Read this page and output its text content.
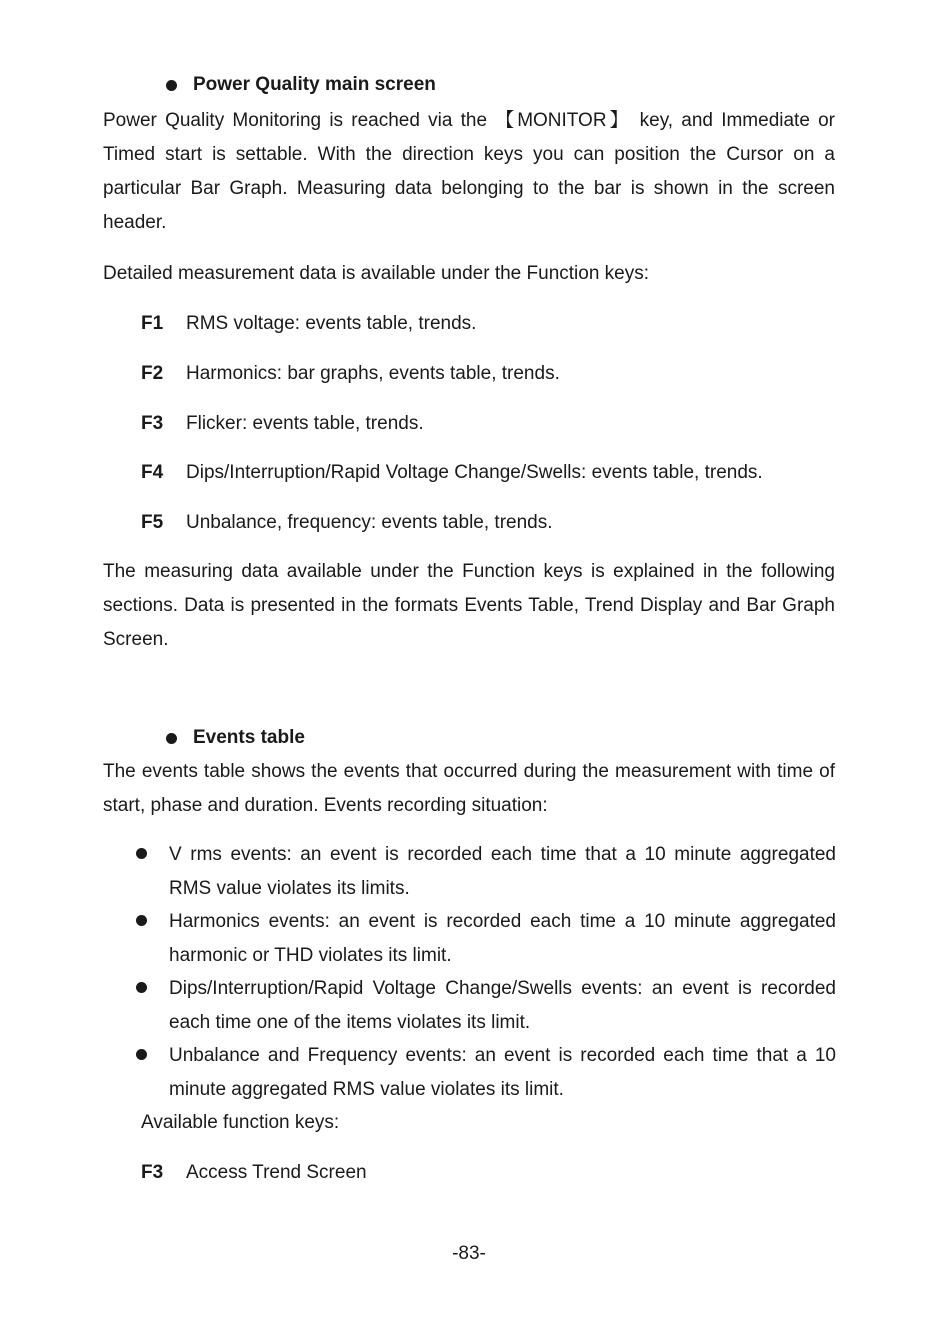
Power Quality main screen
Power Quality Monitoring is reached via the 【MONITOR】 key, and Immediate or Timed start is settable. With the direction keys you can position the Cursor on a particular Bar Graph. Measuring data belonging to the bar is shown in the screen header.
Detailed measurement data is available under the Function keys:
F1	RMS voltage: events table, trends.
F2	Harmonics: bar graphs, events table, trends.
F3	Flicker: events table, trends.
F4	Dips/Interruption/Rapid Voltage Change/Swells: events table, trends.
F5	Unbalance, frequency: events table, trends.
The measuring data available under the Function keys is explained in the following sections. Data is presented in the formats Events Table, Trend Display and Bar Graph Screen.
Events table
The events table shows the events that occurred during the measurement with time of start, phase and duration. Events recording situation:
V rms events: an event is recorded each time that a 10 minute aggregated RMS value violates its limits.
Harmonics events: an event is recorded each time a 10 minute aggregated harmonic or THD violates its limit.
Dips/Interruption/Rapid Voltage Change/Swells events: an event is recorded each time one of the items violates its limit.
Unbalance and Frequency events: an event is recorded each time that a 10 minute aggregated RMS value violates its limit.
Available function keys:
F3	Access Trend Screen
-83-
